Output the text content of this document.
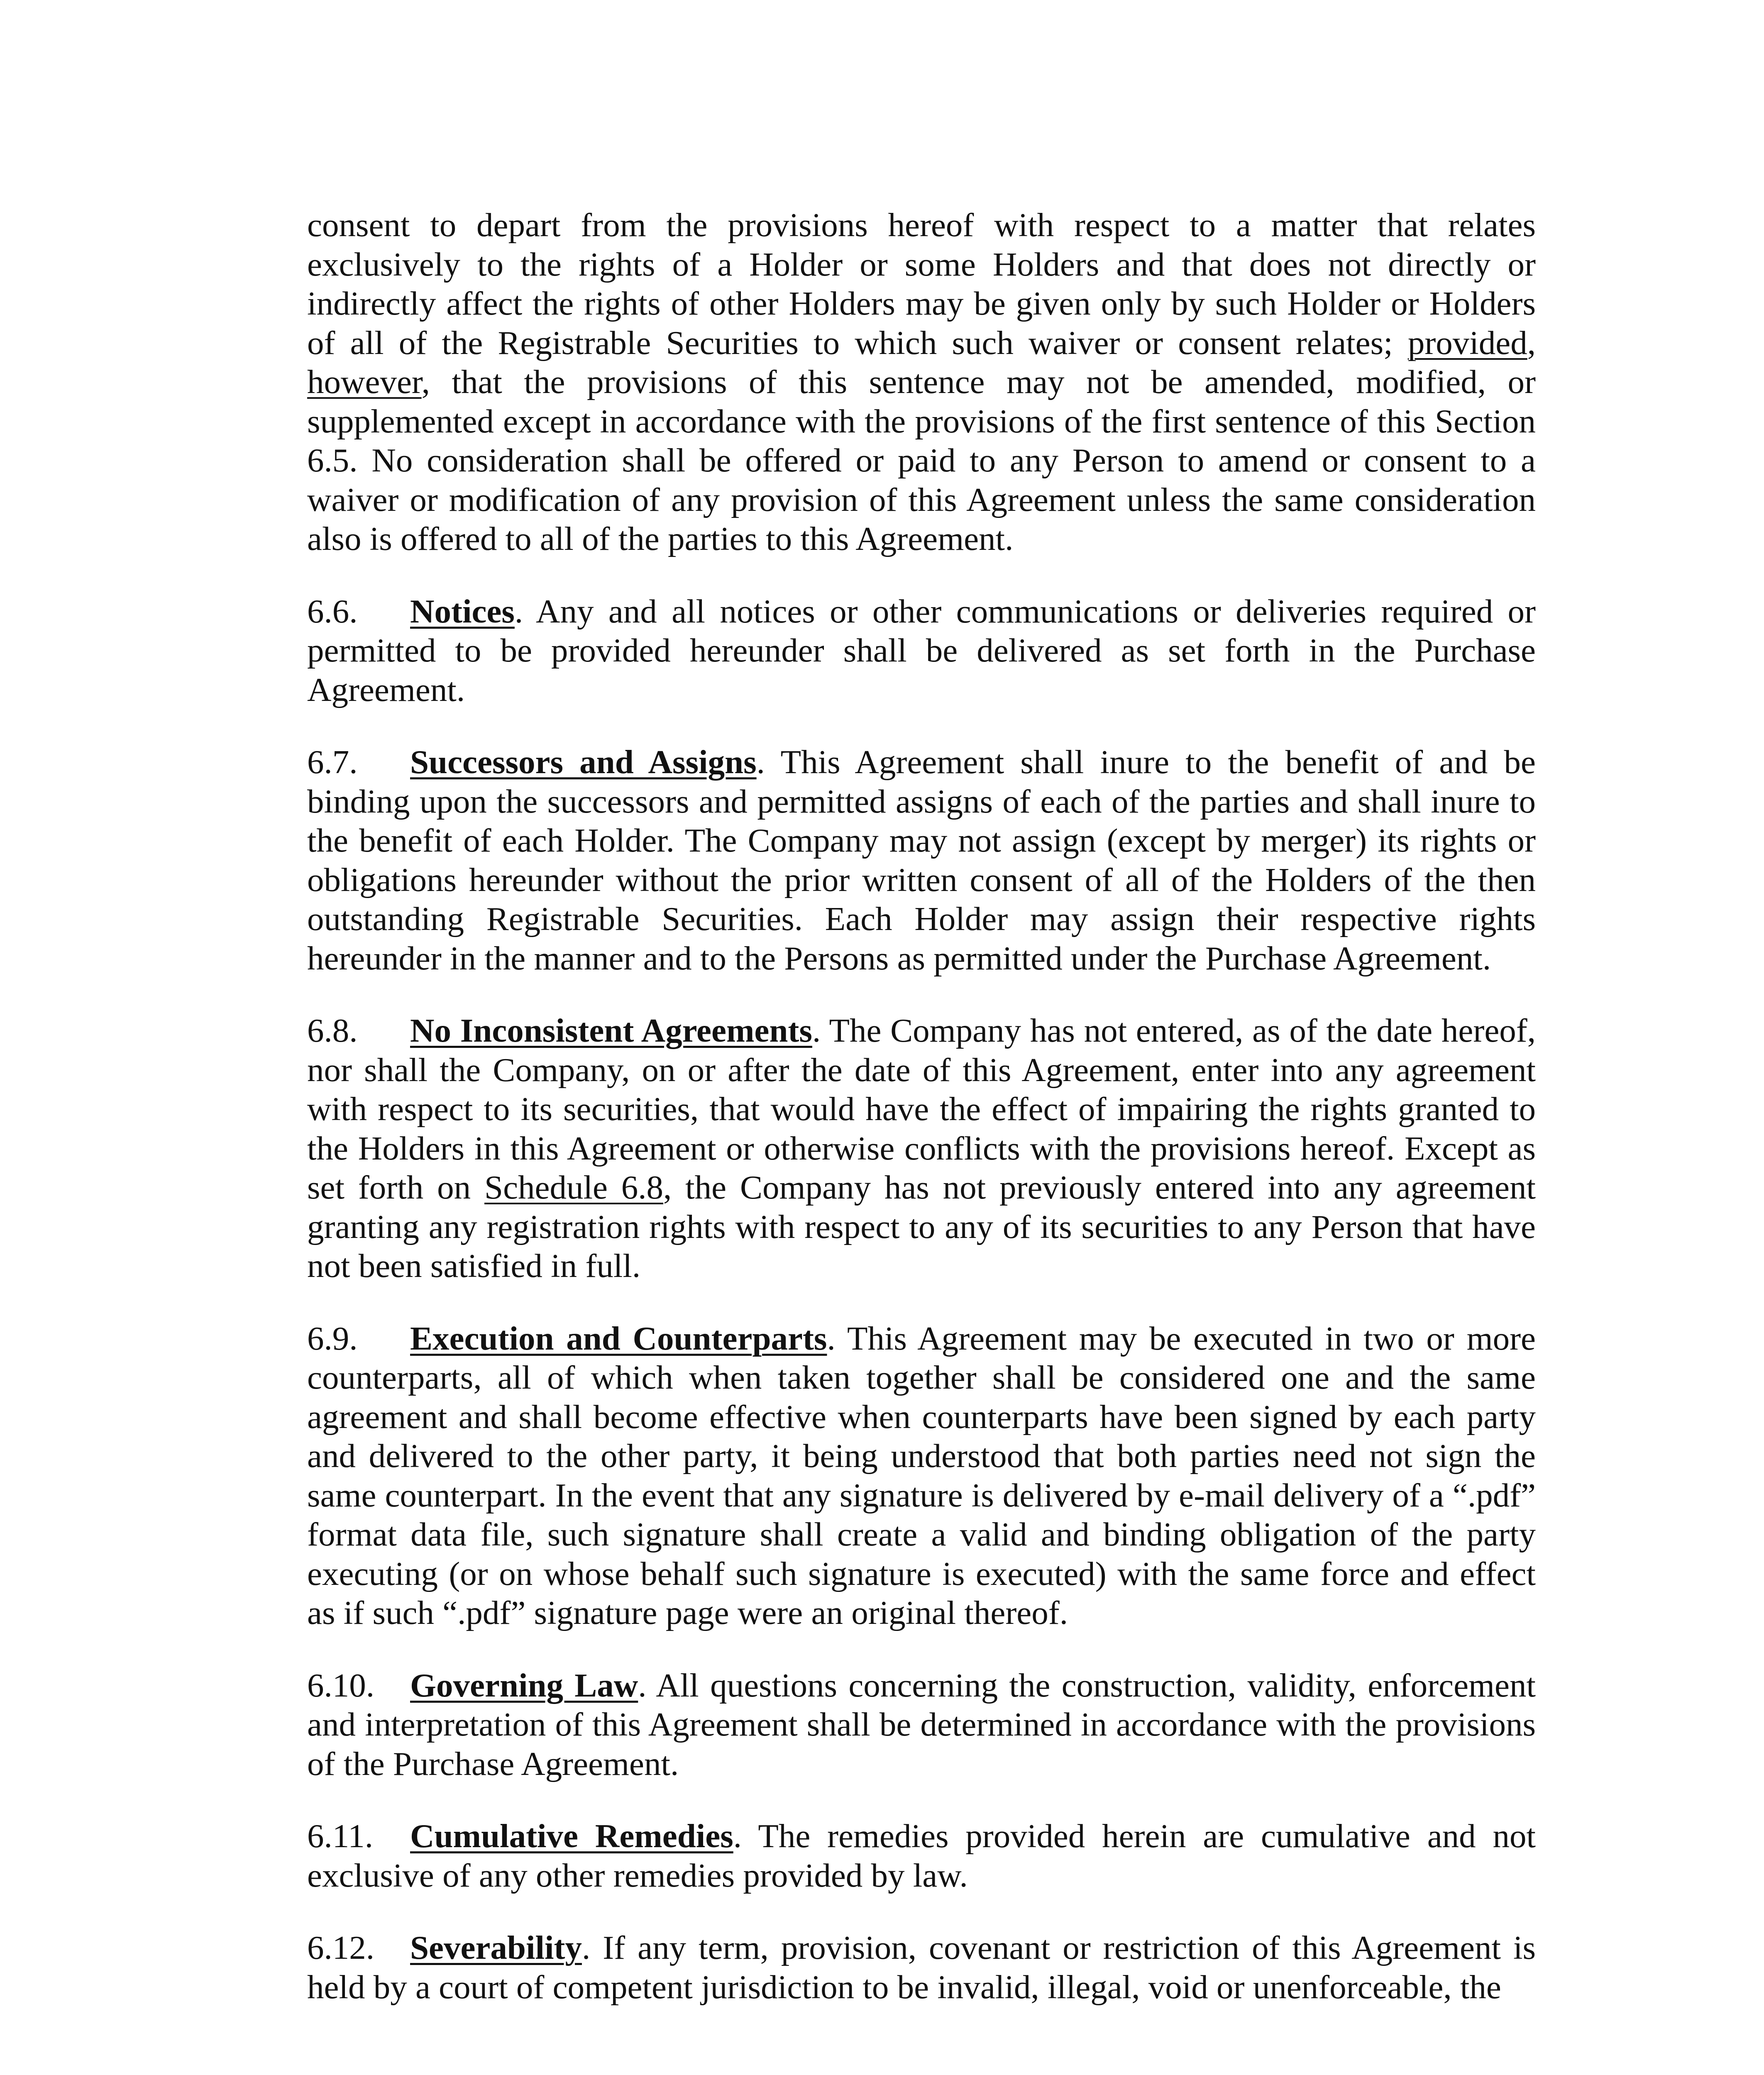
consent to depart from the provisions hereof with respect to a matter that relates exclusively to the rights of a Holder or some Holders and that does not directly or indirectly affect the rights of other Holders may be given only by such Holder or Holders of all of the Registrable Securities to which such waiver or consent relates; provided, however, that the provisions of this sentence may not be amended, modified, or supplemented except in accordance with the provisions of the first sentence of this Section 6.5. No consideration shall be offered or paid to any Person to amend or consent to a waiver or modification of any provision of this Agreement unless the same consideration also is offered to all of the parties to this Agreement.

6.6. Notices. Any and all notices or other communications or deliveries required or permitted to be provided hereunder shall be delivered as set forth in the Purchase Agreement.

6.7. Successors and Assigns. This Agreement shall inure to the benefit of and be binding upon the successors and permitted assigns of each of the parties and shall inure to the benefit of each Holder. The Company may not assign (except by merger) its rights or obligations hereunder without the prior written consent of all of the Holders of the then outstanding Registrable Securities. Each Holder may assign their respective rights hereunder in the manner and to the Persons as permitted under the Purchase Agreement.

6.8. No Inconsistent Agreements. The Company has not entered, as of the date hereof, nor shall the Company, on or after the date of this Agreement, enter into any agreement with respect to its securities, that would have the effect of impairing the rights granted to the Holders in this Agreement or otherwise conflicts with the provisions hereof. Except as set forth on Schedule 6.8, the Company has not previously entered into any agreement granting any registration rights with respect to any of its securities to any Person that have not been satisfied in full.

6.9. Execution and Counterparts. This Agreement may be executed in two or more counterparts, all of which when taken together shall be considered one and the same agreement and shall become effective when counterparts have been signed by each party and delivered to the other party, it being understood that both parties need not sign the same counterpart. In the event that any signature is delivered by e-mail delivery of a “.pdf” format data file, such signature shall create a valid and binding obligation of the party executing (or on whose behalf such signature is executed) with the same force and effect as if such “.pdf” signature page were an original thereof.

6.10. Governing Law. All questions concerning the construction, validity, enforcement and interpretation of this Agreement shall be determined in accordance with the provisions of the Purchase Agreement.

6.11. Cumulative Remedies. The remedies provided herein are cumulative and not exclusive of any other remedies provided by law.

6.12. Severability. If any term, provision, covenant or restriction of this Agreement is held by a court of competent jurisdiction to be invalid, illegal, void or unenforceable, the
